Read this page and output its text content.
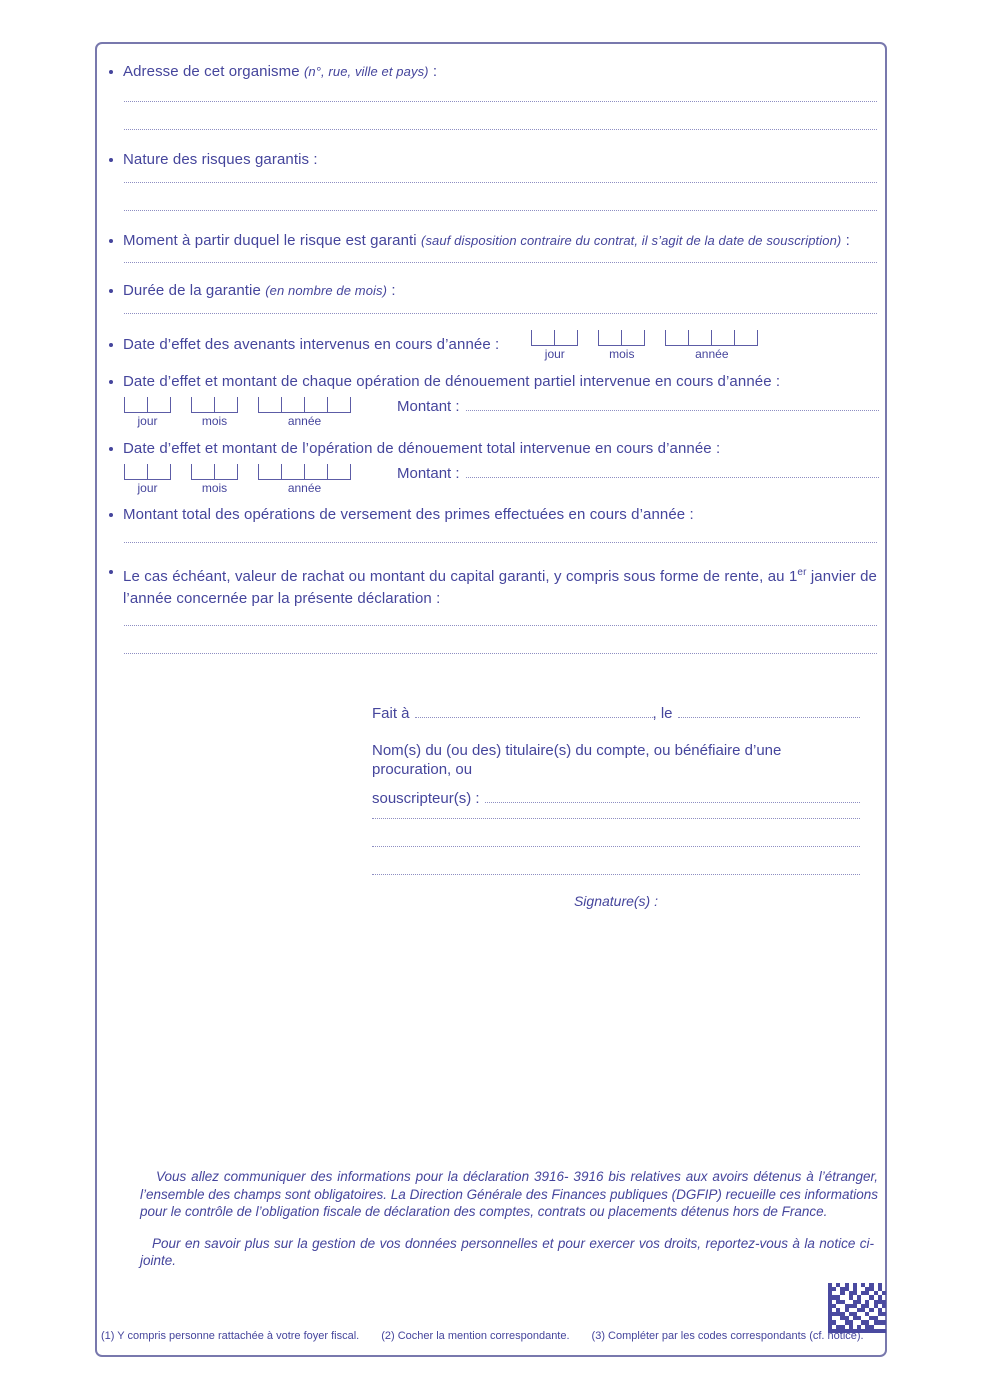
Adresse de cet organisme (n°, rue, ville et pays) :
Nature des risques garantis :
Moment à partir duquel le risque est garanti (sauf disposition contraire du contrat, il s’agit de la date de souscription) :
Durée de la garantie (en nombre de mois) :
Date d’effet des avenants intervenus en cours d’année :
jour	mois	année
Date d’effet et montant de chaque opération de dénouement partiel intervenue en cours d’année :
jour	mois	année
Montant :
Date d’effet et montant de l’opération de dénouement total intervenue en cours d’année :
jour	mois	année
Montant :
Montant total des opérations de versement des primes effectuées en cours d’année :
Le cas échéant, valeur de rachat ou montant du capital garanti, y compris sous forme de rente, au 1er janvier de l’année concernée par la présente déclaration :
Fait à	, le
Nom(s) du (ou des) titulaire(s) du compte, ou bénéfiaire d’une procuration, ou
souscripteur(s) :
Signature(s) :
Vous allez communiquer des informations pour la déclaration 3916- 3916 bis relatives aux avoirs détenus à l’étranger, l’ensemble des champs sont obligatoires. La Direction Générale des Finances publiques (DGFIP) recueille ces informations pour le contrôle de l’obligation fiscale de déclaration des comptes, contrats ou placements détenus hors de France.
Pour en savoir plus sur la gestion de vos données personnelles et pour exercer vos droits, reportez-vous à la notice ci-jointe.
(1) Y compris personne rattachée à votre foyer fiscal. (2) Cocher la mention correspondante. (3) Compléter par les codes correspondants (cf. notice).
